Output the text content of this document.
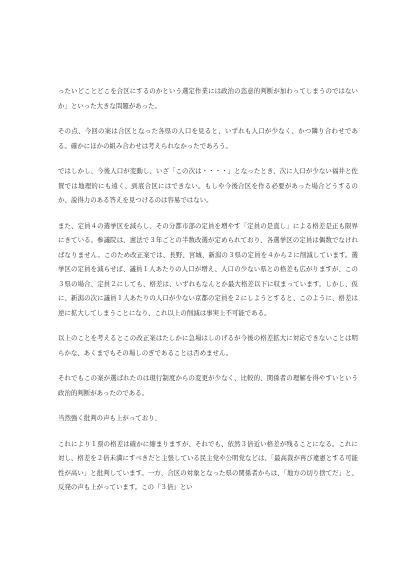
ったいどことどこを合区にするのかという選定作業には政治の恣意的判断が加わってしまうのではないか」といった大きな問題があった。

その点、今回の案は合区となった各県の人口を見ると、いずれも人口が少なく、かつ隣り合わせである。確かにほかの組み合わせは考えられなかったであろう。

ではしかし、今後人口が変動し、いざ「この次は・・・・」となったとき、次に人口が少ない福井と佐賀では地理的にも遠く、到底合区にはできない。もしや今後合区を作る必要があった場合どうするのか、説得力のある答えを見つけるのは容易ではない。

また、定員４の選挙区を減らし、その分都市部の定員を増やす「定員の是直し」による格差是正も限界にきている。参議院は、憲法で３年ごとの半数改選が定められており、各選挙区の定員は偶数でなければなりません。このため改正案では、長野、宮城、新潟の３県の定員を４から２に削減しています。選挙区の定員を減らせば、議員１人あたりの人口が増え、人口の少ない県との格差も広がりますが、この３県の場合、定員２にしても、格差は、いずれもなんとか最大格差以下に収まっています。しかし、仮に、新潟の次に議員１人あたりの人口が少ない京都の定員を２にしようとすると、このように、格差は逆に拡大してしまうことになり、これ以上の削減は事実上不可能である。

以上のことを考えるとこの改正案はたしかに急場はしのげるが今後の格差拡大に対応できないことは明らかな、あくまでもその場しのぎであることは否めません。

それでもこの案が選ばれたのは現行制度からの変更が少なく、比較的、関係者の理解を得やすいという政治的判断があったのである。

当然強く批判の声も上がっており、

これにより１票の格差は確かに縮まりますが、それでも、依然３倍近い格差が残ることになる。これに対し、格差を２倍未満にすべきだと主張している民主党や公明党などは、「最高裁が再び違憲とする可能性が高い」と批判しています。一方、合区の対象となった県の関係者からは、「地方の切り捨てだ」と、反発の声も上がっています。この『３倍』とい
